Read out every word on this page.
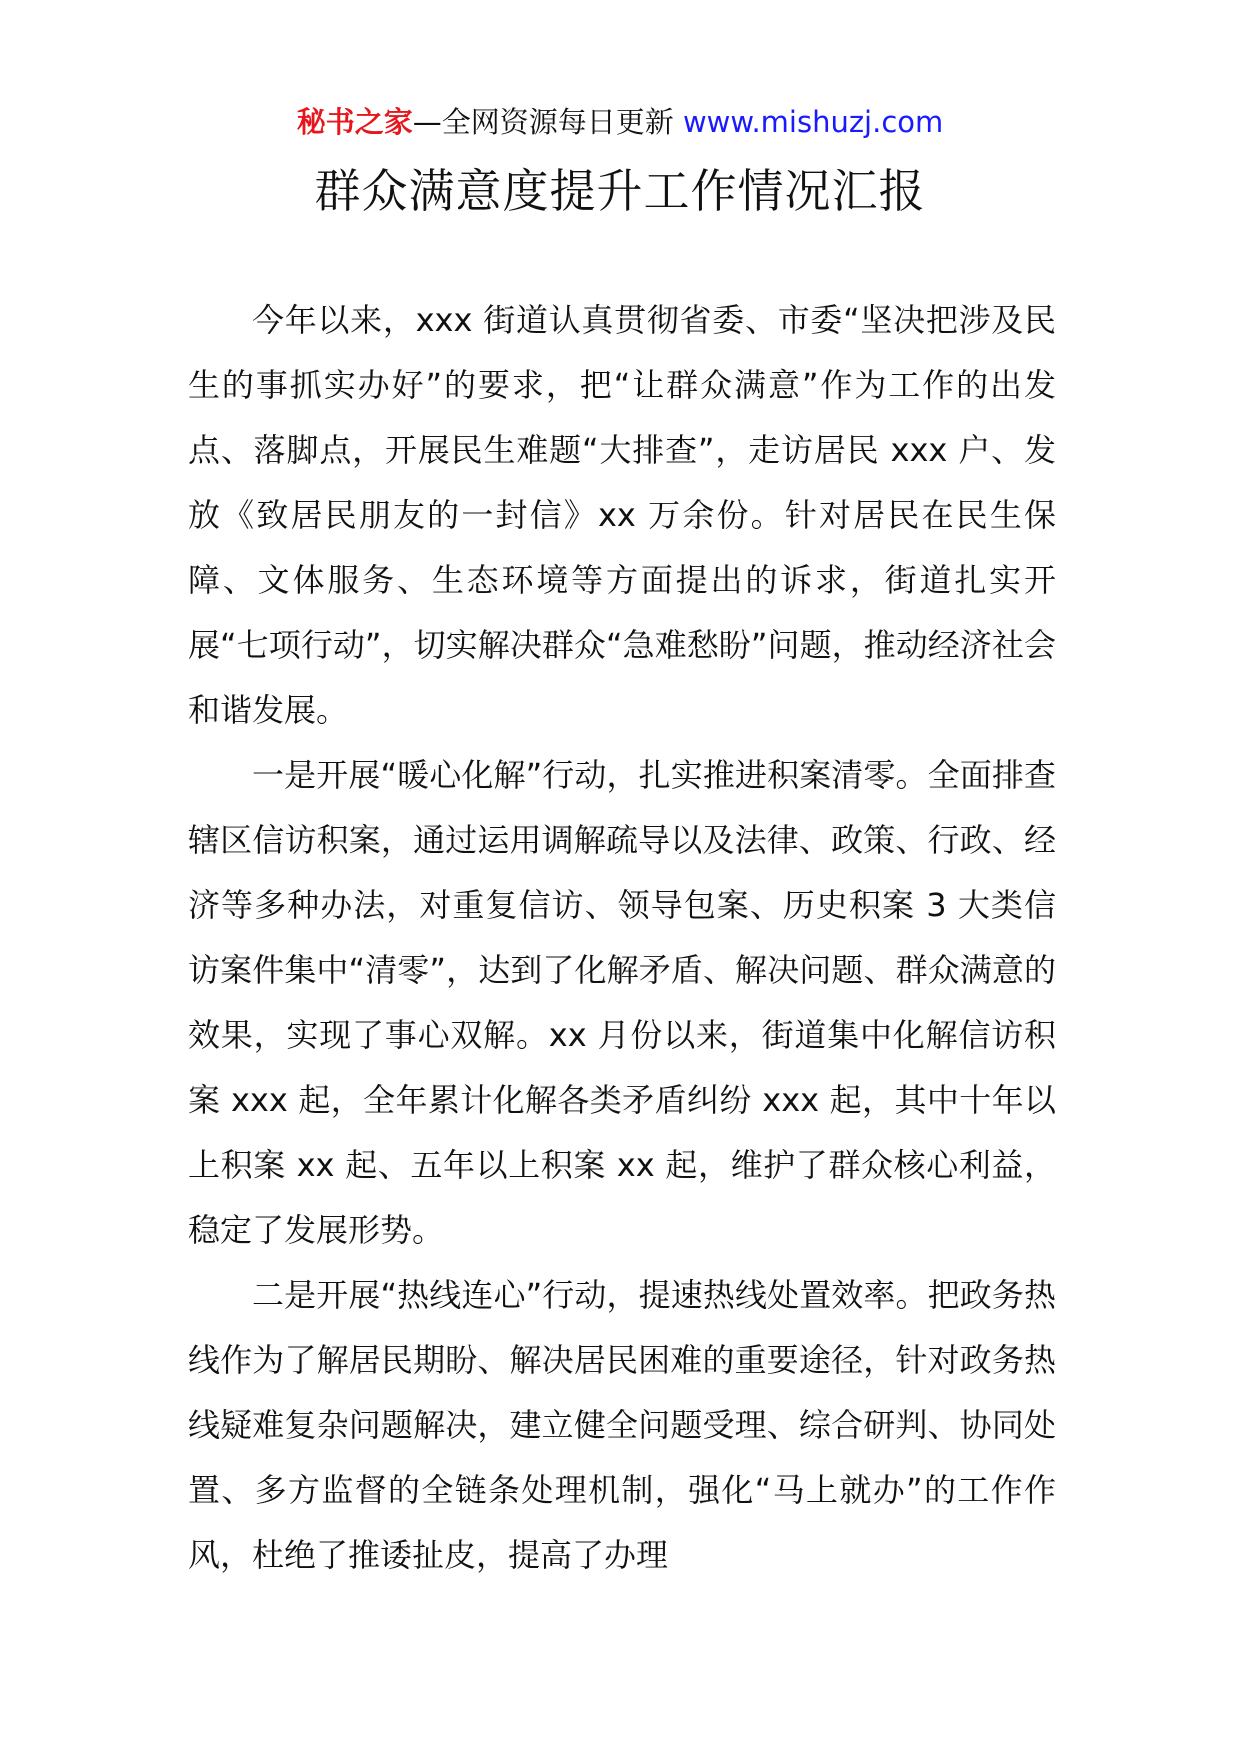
秘书之家—全网资源每日更新 www.mishuzj.com
群众满意度提升工作情况汇报

今年以来，xxx 街道认真贯彻省委、市委“坚决把涉及民生的事抓实办好”的要求，把“让群众满意”作为工作的出发点、落脚点，开展民生难题“大排查”，走访居民 xxx 户、发放《致居民朋友的一封信》xx 万余份。针对居民在民生保障、文体服务、生态环境等方面提出的诉求，街道扎实开展“七项行动”，切实解决群众“急难愁盼”问题，推动经济社会和谐发展。

一是开展“暖心化解”行动，扎实推进积案清零。全面排查辖区信访积案，通过运用调解疏导以及法律、政策、行政、经济等多种办法，对重复信访、领导包案、历史积案 3 大类信访案件集中“清零”，达到了化解矛盾、解决问题、群众满意的效果，实现了事心双解。xx 月份以来，街道集中化解信访积案 xxx 起，全年累计化解各类矛盾纠纷 xxx 起，其中十年以上积案 xx 起、五年以上积案 xx 起，维护了群众核心利益，稳定了发展形势。

二是开展“热线连心”行动，提速热线处置效率。把政务热线作为了解居民期盼、解决居民困难的重要途径，针对政务热线疑难复杂问题解决，建立健全问题受理、综合研判、协同处置、多方监督的全链条处理机制，强化“马上就办”的工作作风，杜绝了推诿扯皮，提高了办理
